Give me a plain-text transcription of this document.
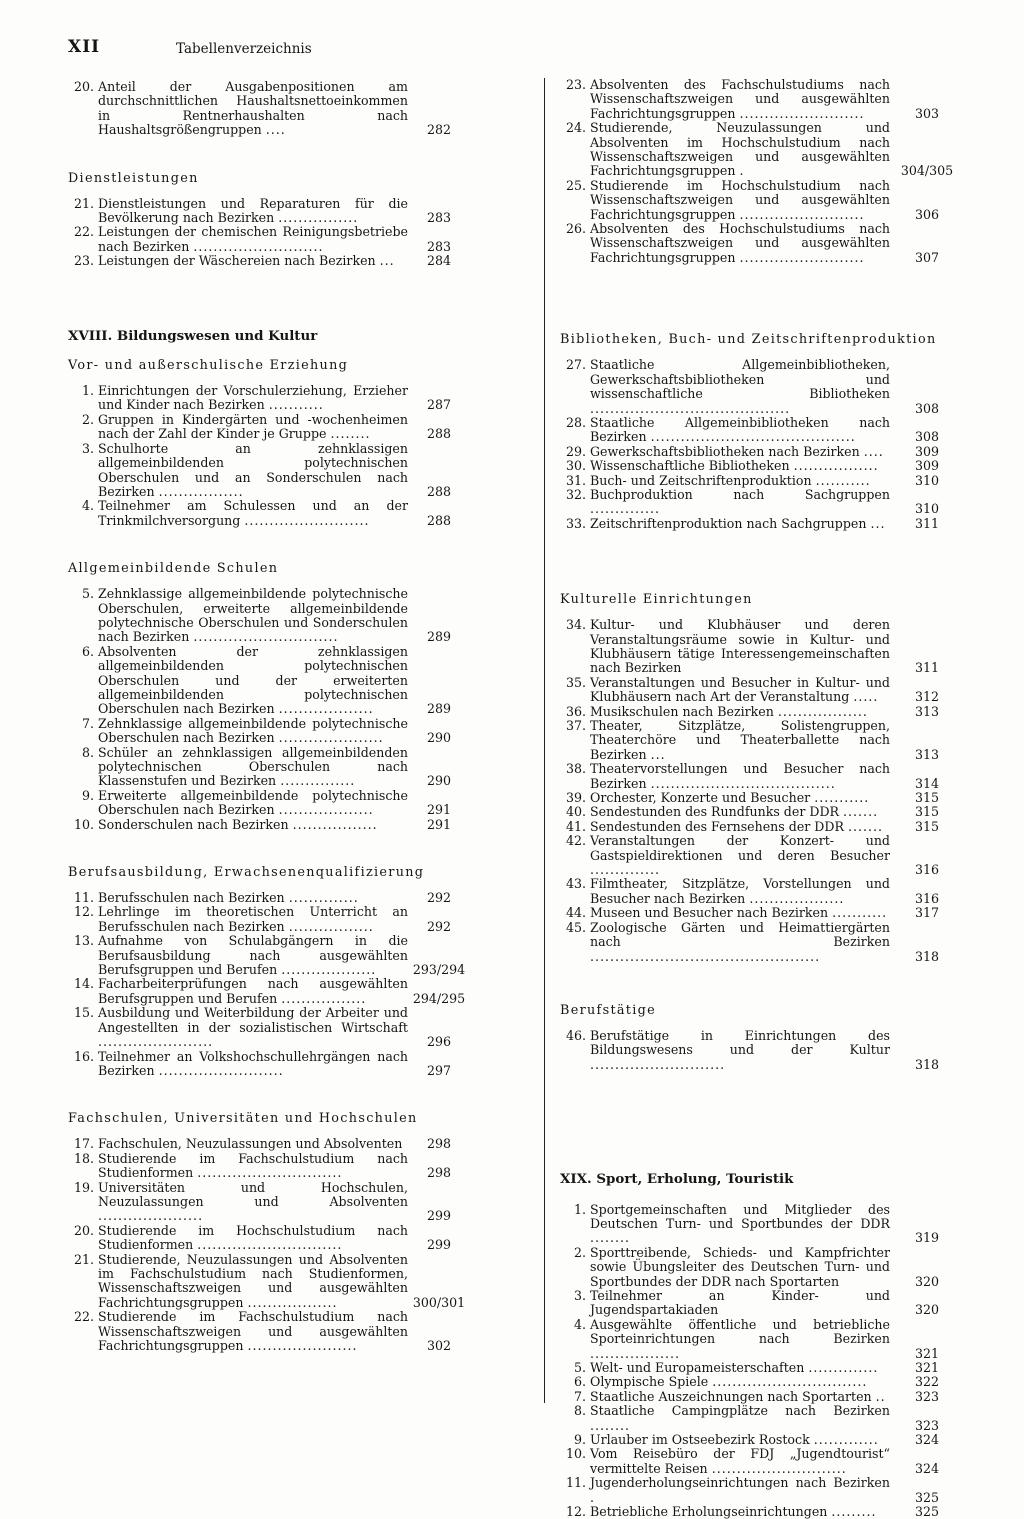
XII	Tabellenverzeichnis
20. Anteil der Ausgabenpositionen am durchschnittlichen Haushaltsnettoeinkommen in Rentnerhaushalten nach Haushaltsgrößengruppen ....	282
Dienstleistungen
21. Dienstleistungen und Reparaturen für die Bevölkerung nach Bezirken ................	283
22. Leistungen der chemischen Reinigungsbetriebe nach Bezirken ..........................	283
23. Leistungen der Wäschereien nach Bezirken ...	284
XVIII. Bildungswesen und Kultur
Vor- und außerschulische Erziehung
1. Einrichtungen der Vorschulerziehung, Erzieher und Kinder nach Bezirken ...........	287
2. Gruppen in Kindergärten und -wochenheimen nach der Zahl der Kinder je Gruppe ........	288
3. Schulhorte an zehnklassigen allgemeinbildenden polytechnischen Oberschulen und an Sonderschulen nach Bezirken .................	288
4. Teilnehmer am Schulessen und an der Trinkmilchversorgung .........................	288
Allgemeinbildende Schulen
5. Zehnklassige allgemeinbildende polytechnische Oberschulen, erweiterte allgemeinbildende polytechnische Oberschulen und Sonderschulen nach Bezirken .............................	289
6. Absolventen der zehnklassigen allgemeinbildenden polytechnischen Oberschulen und der erweiterten allgemeinbildenden polytechnischen Oberschulen nach Bezirken ...................	289
7. Zehnklassige allgemeinbildende polytechnische Oberschulen nach Bezirken .....................	290
8. Schüler an zehnklassigen allgemeinbildenden polytechnischen Oberschulen nach Klassenstufen und Bezirken ...............	290
9. Erweiterte allgemeinbildende polytechnische Oberschulen nach Bezirken ...................	291
10. Sonderschulen nach Bezirken .................	291
Berufsausbildung, Erwachsenenqualifizierung
11. Berufsschulen nach Bezirken ..............	292
12. Lehrlinge im theoretischen Unterricht an Berufsschulen nach Bezirken .................	292
13. Aufnahme von Schulabgängern in die Berufsausbildung nach ausgewählten Berufsgruppen und Berufen ...................	293/294
14. Facharbeiterprüfungen nach ausgewählten Berufsgruppen und Berufen .................	294/295
15. Ausbildung und Weiterbildung der Arbeiter und Angestellten in der sozialistischen Wirtschaft .......................	296
16. Teilnehmer an Volkshochschullehrgängen nach Bezirken .........................	297
Fachschulen, Universitäten und Hochschulen
17. Fachschulen, Neuzulassungen und Absolventen	298
18. Studierende im Fachschulstudium nach Studienformen .............................	298
19. Universitäten und Hochschulen, Neuzulassungen und Absolventen .....................	299
20. Studierende im Hochschulstudium nach Studienformen .............................	299
21. Studierende, Neuzulassungen und Absolventen im Fachschulstudium nach Studienformen, Wissenschaftszweigen und ausgewählten Fachrichtungsgruppen ..................	300/301
22. Studierende im Fachschulstudium nach Wissenschaftszweigen und ausgewählten Fachrichtungsgruppen ......................	302
23. Absolventen des Fachschulstudiums nach Wissenschaftszweigen und ausgewählten Fachrichtungsgruppen .........................	303
24. Studierende, Neuzulassungen und Absolventen im Hochschulstudium nach Wissenschaftszweigen und ausgewählten Fachrichtungsgruppen .	304/305
25. Studierende im Hochschulstudium nach Wissenschaftszweigen und ausgewählten Fachrichtungsgruppen .........................	306
26. Absolventen des Hochschulstudiums nach Wissenschaftszweigen und ausgewählten Fachrichtungsgruppen .........................	307
Bibliotheken, Buch- und Zeitschriftenproduktion
27. Staatliche Allgemeinbibliotheken, Gewerkschaftsbibliotheken und wissenschaftliche Bibliotheken ........................................	308
28. Staatliche Allgemeinbibliotheken nach Bezirken .........................................	308
29. Gewerkschaftsbibliotheken nach Bezirken ....	309
30. Wissenschaftliche Bibliotheken .................	309
31. Buch- und Zeitschriftenproduktion ...........	310
32. Buchproduktion nach Sachgruppen ..............	310
33. Zeitschriftenproduktion nach Sachgruppen ...	311
Kulturelle Einrichtungen
34. Kultur- und Klubhäuser und deren Veranstaltungsräume sowie in Kultur- und Klubhäusern tätige Interessengemeinschaften nach Bezirken	311
35. Veranstaltungen und Besucher in Kultur- und Klubhäusern nach Art der Veranstaltung .....	312
36. Musikschulen nach Bezirken ..................	313
37. Theater, Sitzplätze, Solistengruppen, Theaterchöre und Theaterballette nach Bezirken ...	313
38. Theatervorstellungen und Besucher nach Bezirken .....................................	314
39. Orchester, Konzerte und Besucher ...........	315
40. Sendestunden des Rundfunks der DDR .......	315
41. Sendestunden des Fernsehens der DDR .......	315
42. Veranstaltungen der Konzert- und Gastspieldirektionen und deren Besucher ..............	316
43. Filmtheater, Sitzplätze, Vorstellungen und Besucher nach Bezirken ...................	316
44. Museen und Besucher nach Bezirken ...........	317
45. Zoologische Gärten und Heimattiergärten nach Bezirken ..............................................	318
Berufstätige
46. Berufstätige in Einrichtungen des Bildungswesens und der Kultur ...........................	318
XIX. Sport, Erholung, Touristik
1. Sportgemeinschaften und Mitglieder des Deutschen Turn- und Sportbundes der DDR ........	319
2. Sporttreibende, Schieds- und Kampfrichter sowie Übungsleiter des Deutschen Turn- und Sportbundes der DDR nach Sportarten	320
3. Teilnehmer an Kinder- und Jugendspartakiaden	320
4. Ausgewählte öffentliche und betriebliche Sporteinrichtungen nach Bezirken ..................	321
5. Welt- und Europameisterschaften ..............	321
6. Olympische Spiele ...............................	322
7. Staatliche Auszeichnungen nach Sportarten ..	323
8. Staatliche Campingplätze nach Bezirken ........	323
9. Urlauber im Ostseebezirk Rostock .............	324
10. Vom Reisebüro der FDJ „Jugendtourist“ vermittelte Reisen ...........................	324
11. Jugenderholungseinrichtungen nach Bezirken .	325
12. Betriebliche Erholungseinrichtungen .........	325
